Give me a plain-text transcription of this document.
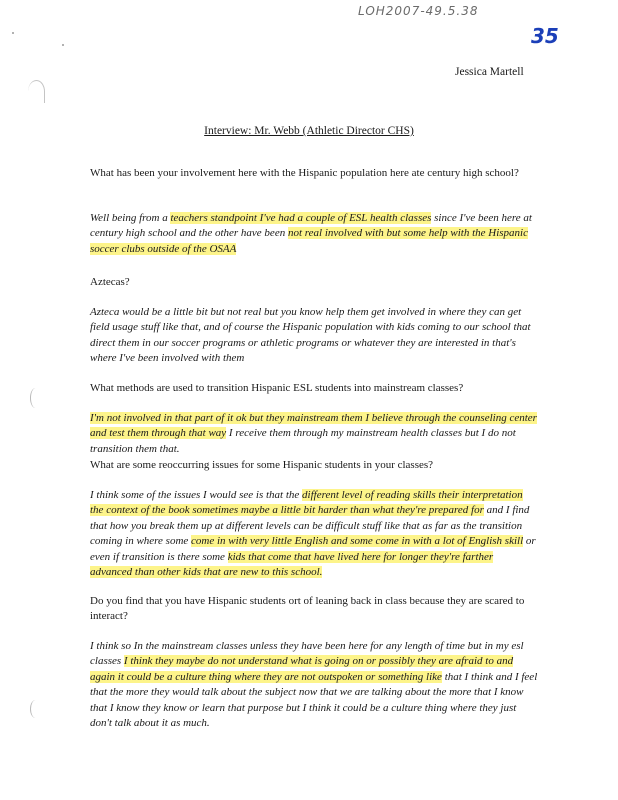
LOH2007-49.5.38
35
Jessica Martell
Interview: Mr. Webb (Athletic Director CHS)
What has been your involvement here with the Hispanic population here ate century high school?
Well being from a teachers standpoint I've had a couple of ESL health classes since I've been here at century high school and the other have been not real involved with but some help with the Hispanic soccer clubs outside of the OSAA
Aztecas?
Azteca would be a little bit but not real but you know help them get involved in where they can get field usage stuff like that, and of course the Hispanic population with kids coming to our school that direct them in our soccer programs or athletic programs or whatever they are interested in that's where I've been involved with them
What methods are used to transition Hispanic ESL students into mainstream classes?
I'm not involved in that part of it ok but they mainstream them I believe through the counseling center and test them through that way I receive them through my mainstream health classes but I do not transition them that.
What are some reoccurring issues for some Hispanic students in your classes?
I think some of the issues I would see is that the different level of reading skills their interpretation the context of the book sometimes maybe a little bit harder than what they're prepared for and I find that how you break them up at different levels can be difficult stuff like that as far as the transition coming in where some come in with very little English and some come in with a lot of English skill or even if transition is there some kids that come that have lived here for longer they're farther advanced than other kids that are new to this school.
Do you find that you have Hispanic students ort of leaning back in class because they are scared to interact?
I think so In the mainstream classes unless they have been here for any length of time but in my esl classes I think they maybe do not understand what is going on or possibly they are afraid to and again it could be a culture thing where they are not outspoken or something like that I think and I feel that the more they would talk about the subject now that we are talking about the more that I know that I know they know or learn that purpose but I think it could be a culture thing where they just don't talk about it as much.
